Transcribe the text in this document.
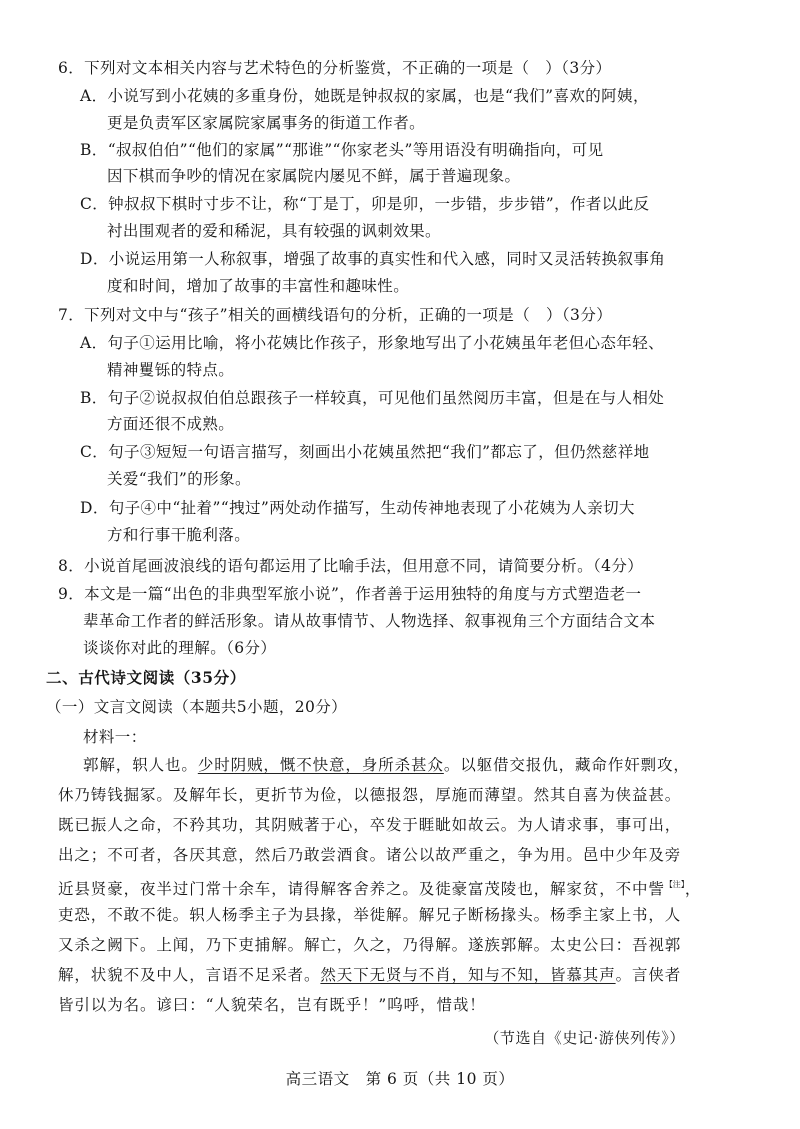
6．下列对文本相关内容与艺术特色的分析鉴赏，不正确的一项是（　）（3分）
A．小说写到小花姨的多重身份，她既是钟叔叔的家属，也是“我们”喜欢的阿姨，
更是负责军区家属院家属事务的街道工作者。
B．“叔叔伯伯”“他们的家属”“那谁”“你家老头”等用语没有明确指向，可见
因下棋而争吵的情况在家属院内屡见不鲜，属于普遍现象。
C．钟叔叔下棋时寸步不让，称“丁是丁，卯是卯，一步错，步步错”，作者以此反
衬出围观者的爱和稀泥，具有较强的讽刺效果。
D．小说运用第一人称叙事，增强了故事的真实性和代入感，同时又灵活转换叙事角
度和时间，增加了故事的丰富性和趣味性。
7．下列对文中与“孩子”相关的画横线语句的分析，正确的一项是（　）（3分）
A．句子①运用比喻，将小花姨比作孩子，形象地写出了小花姨虽年老但心态年轻、
精神矍铄的特点。
B．句子②说叔叔伯伯总跟孩子一样较真，可见他们虽然阅历丰富，但是在与人相处
方面还很不成熟。
C．句子③短短一句语言描写，刻画出小花姨虽然把“我们”都忘了，但仍然慈祥地
关爱“我们”的形象。
D．句子④中“扯着”“拽过”两处动作描写，生动传神地表现了小花姨为人亲切大
方和行事干脆利落。
8．小说首尾画波浪线的语句都运用了比喻手法，但用意不同，请简要分析。（4分）
9．本文是一篇“出色的非典型军旅小说”，作者善于运用独特的角度与方式塑造老一
辈革命工作者的鲜活形象。请从故事情节、人物选择、叙事视角三个方面结合文本
谈谈你对此的理解。（6分）
二、古代诗文阅读（35分）
（一）文言文阅读（本题共5小题，20分）
材料一：
郭解，轵人也。少时阴贼，慨不快意，身所杀甚众。以躯借交报仇，藏命作奸剽攻，
休乃铸钱掘冢。及解年长，更折节为俭，以德报怨，厚施而薄望。然其自喜为侠益甚。
既已振人之命，不矜其功，其阴贼著于心，卒发于睚眦如故云。为人请求事，事可出，
出之；不可者，各厌其意，然后乃敢尝酒食。诸公以故严重之，争为用。邑中少年及旁
近县贤豪，夜半过门常十余车，请得解客舍养之。及徙豪富茂陵也，解家贫，不中訾$^{【注】}$，
吏恐，不敢不徙。轵人杨季主子为县掾，举徙解。解兄子断杨掾头。杨季主家上书，人
又杀之阙下。上闻，乃下吏捕解。解亡，久之，乃得解。遂族郭解。太史公曰：吾视郭
解，状貌不及中人，言语不足采者。然天下无贤与不肖，知与不知，皆慕其声。言侠者
皆引以为名。谚曰：“人貌荣名，岂有既乎！”呜呼，惜哉！
（节选自《史记·游侠列传》）
高三语文　第 6 页（共 10 页）
